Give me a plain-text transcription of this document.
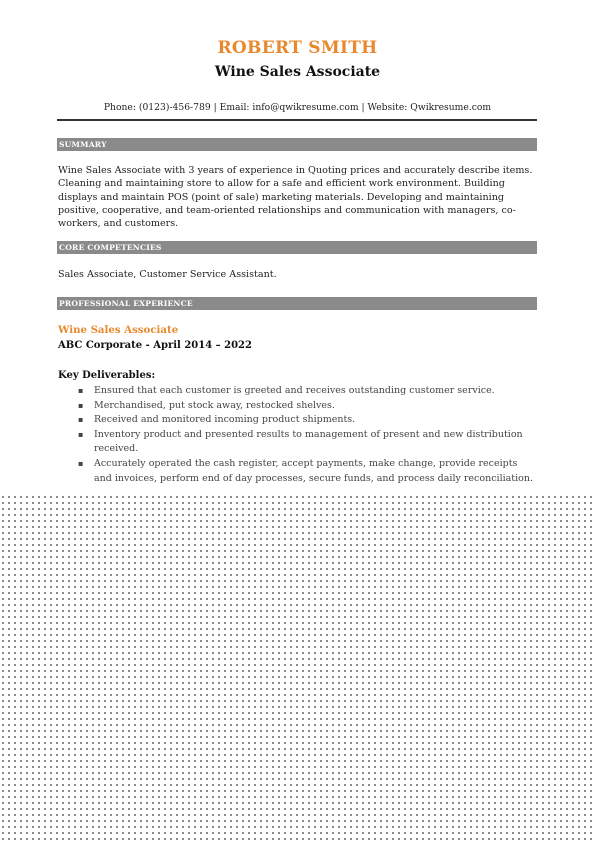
ROBERT SMITH
Wine Sales Associate
Phone: (0123)-456-789 | Email: info@qwikresume.com | Website: Qwikresume.com
SUMMARY
Wine Sales Associate with 3 years of experience in Quoting prices and accurately describe items. Cleaning and maintaining store to allow for a safe and efficient work environment. Building displays and maintain POS (point of sale) marketing materials. Developing and maintaining positive, cooperative, and team-oriented relationships and communication with managers, co-workers, and customers.
CORE COMPETENCIES
Sales Associate, Customer Service Assistant.
PROFESSIONAL EXPERIENCE
Wine Sales Associate
ABC Corporate - April 2014 – 2022
Key Deliverables:
▪ Ensured that each customer is greeted and receives outstanding customer service.
▪ Merchandised, put stock away, restocked shelves.
▪ Received and monitored incoming product shipments.
▪ Inventory product and presented results to management of present and new distribution received.
▪ Accurately operated the cash register, accept payments, make change, provide receipts and invoices, perform end of day processes, secure funds, and process daily reconciliation.
